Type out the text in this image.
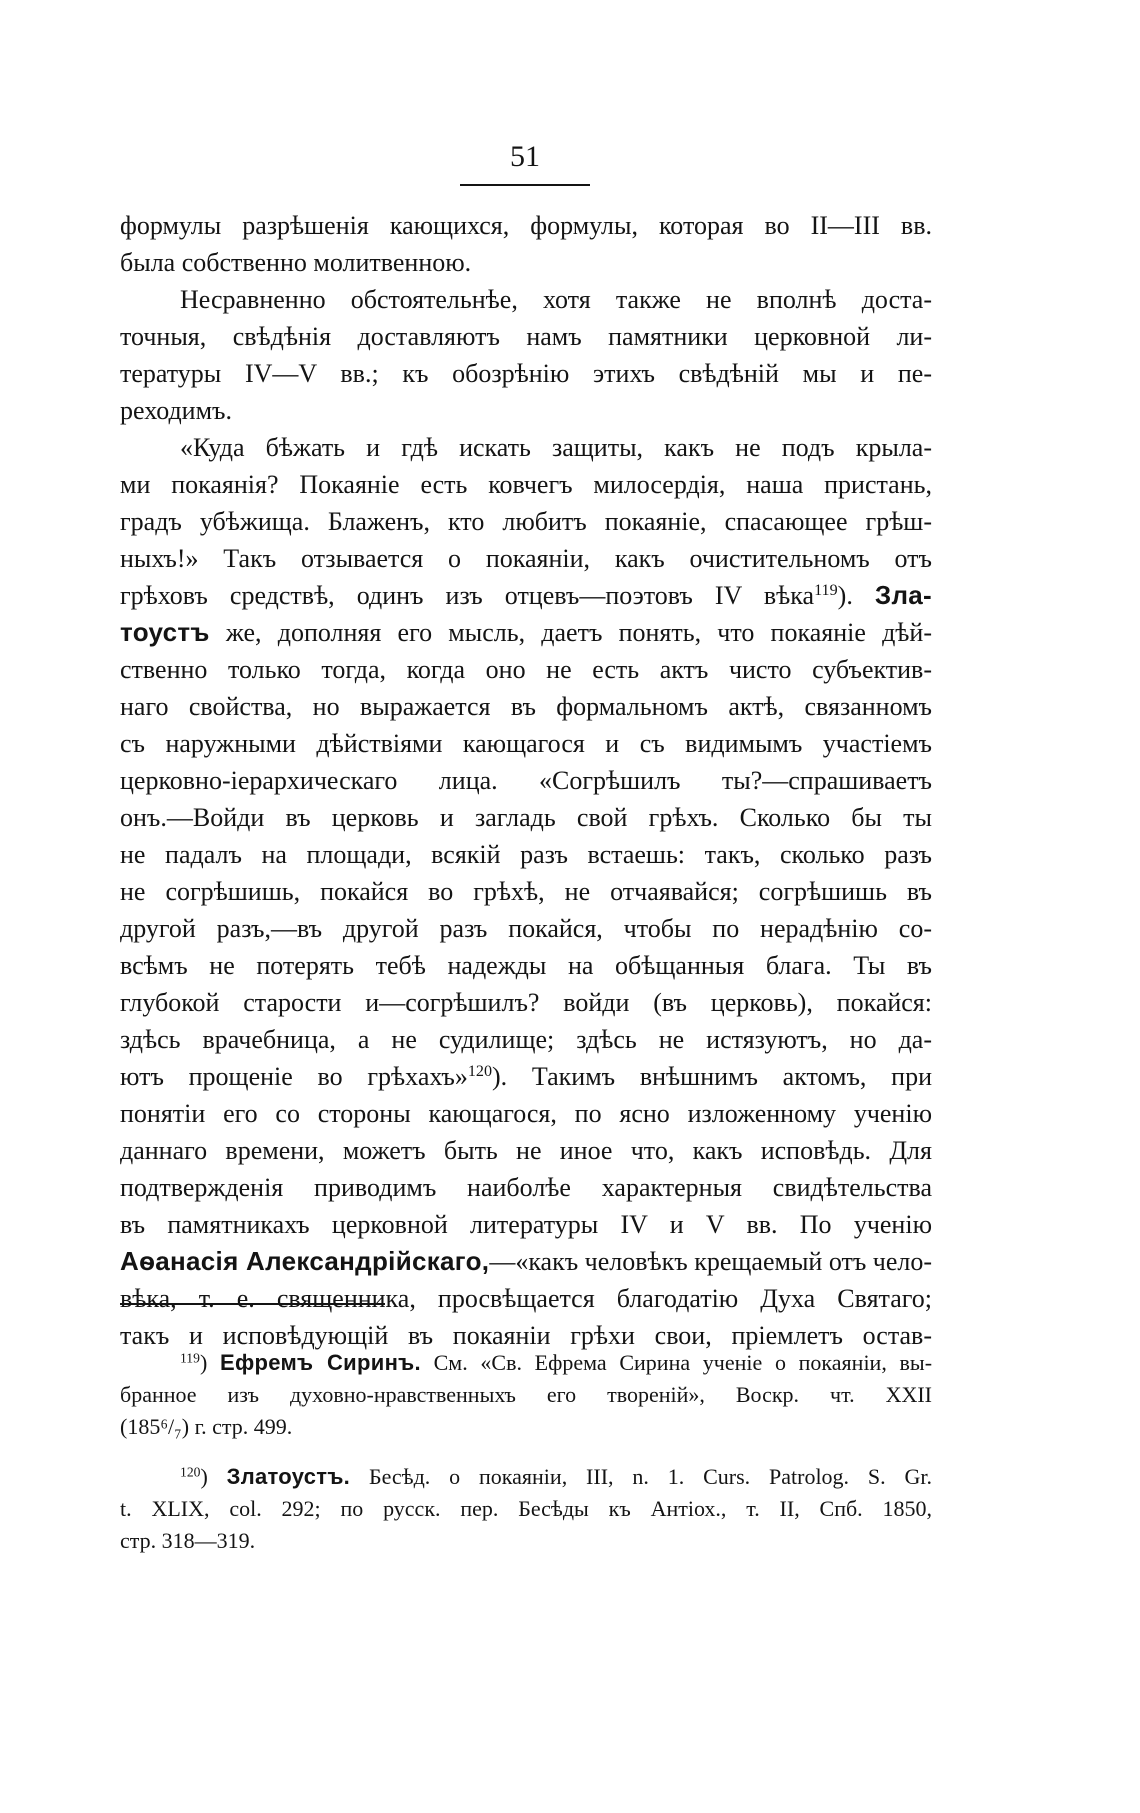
51
формулы разрѣшенія кающихся, формулы, которая во II—III вв.
была собственно молитвенною.
Несравненно обстоятельнѣе, хотя также не вполнѣ доста-
точныя, свѣдѣнія доставляютъ намъ памятники церковной ли-
тературы IV—V вв.; къ обозрѣнію этихъ свѣдѣній мы и пе-
реходимъ.
«Куда бѣжать и гдѣ искать защиты, какъ не подъ крыла-
ми покаянія? Покаяніе есть ковчегъ милосердія, наша пристань,
градъ убѣжища. Блаженъ, кто любитъ покаяніе, спасающее грѣш-
ныхъ!» Такъ отзывается о покаяніи, какъ очистительномъ отъ
грѣховъ средствѣ, одинъ изъ отцевъ—поэтовъ IV вѣка$^{119}$). Зла-
тоустъ же, дополняя его мысль, даетъ понять, что покаяніе дѣй-
ственно только тогда, когда оно не есть актъ чисто субъектив-
наго свойства, но выражается въ формальномъ актѣ, связанномъ
съ наружными дѣйствіями кающагося и съ видимымъ участіемъ
церковно-іерархическаго лица. «Согрѣшилъ ты?—спрашиваетъ
онъ.—Войди въ церковь и загладь свой грѣхъ. Сколько бы ты
не падалъ на площади, всякій разъ встаешь: такъ, сколько разъ
не согрѣшишь, покайся во грѣхѣ, не отчаявайся; согрѣшишь въ
другой разъ,—въ другой разъ покайся, чтобы по нерадѣнію со-
всѣмъ не потерять тебѣ надежды на обѣщанныя блага. Ты въ
глубокой старости и—согрѣшилъ? войди (въ церковь), покайся:
здѣсь врачебница, а не судилище; здѣсь не истязуютъ, но да-
ютъ прощеніе во грѣхахъ»$^{120}$). Такимъ внѣшнимъ актомъ, при
понятіи его со стороны кающагося, по ясно изложенному ученію
даннаго времени, можетъ быть не иное что, какъ исповѣдь. Для
подтвержденія приводимъ наиболѣе характерныя свидѣтельства
въ памятникахъ церковной литературы IV и V вв. По ученію
Аѳанасія Александрійскаго,—«какъ человѣкъ крещаемый отъ чело-
вѣка, т. е. священника, просвѣщается благодатію Духа Святаго;
такъ и исповѣдующій въ покаяніи грѣхи свои, пріемлетъ остав-
$^{119}$) Ефремъ Сиринъ. См. «Св. Ефрема Сирина ученіе о покаяніи, вы-
бранное изъ духовно-нравственныхъ его твореній», Воскр. чт. XXII
(185⁶/₇) г. стр. 499.
$^{120}$) Златоустъ. Бесѣд. о покаяніи, III, n. 1. Curs. Patrolog. S. Gr.
t. XLIX, col. 292; по русск. пер. Бесѣды къ Антіох., т. II, Спб. 1850,
стр. 318—319.
